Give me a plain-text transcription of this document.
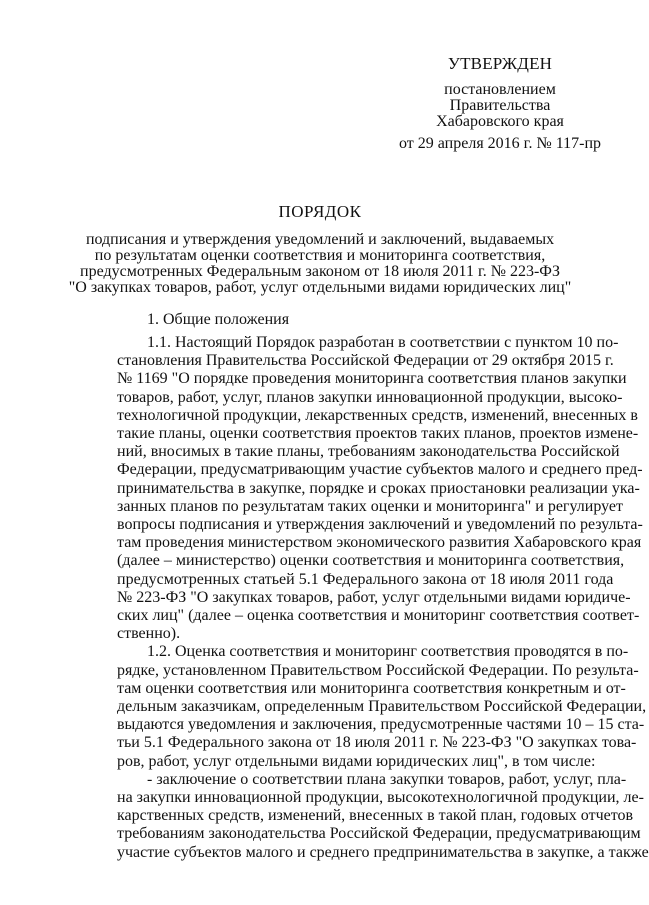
УТВЕРЖДЕН
постановлением
Правительства
Хабаровского края
от 29 апреля 2016 г. № 117-пр
ПОРЯДОК
подписания и утверждения уведомлений и заключений, выдаваемых
по результатам оценки соответствия и мониторинга соответствия,
предусмотренных Федеральным законом от 18 июля 2011 г. № 223-ФЗ
"О закупках товаров, работ, услуг отдельными видами юридических лиц"
1. Общие положения
1.1. Настоящий Порядок разработан в соответствии с пунктом 10 по-
становления Правительства Российской Федерации от 29 октября 2015 г.
№ 1169 "О порядке проведения мониторинга соответствия планов закупки
товаров, работ, услуг, планов закупки инновационной продукции, высоко-
технологичной продукции, лекарственных средств, изменений, внесенных в
такие планы, оценки соответствия проектов таких планов, проектов измене-
ний, вносимых в такие планы, требованиям законодательства Российской
Федерации, предусматривающим участие субъектов малого и среднего пред-
принимательства в закупке, порядке и сроках приостановки реализации ука-
занных планов по результатам таких оценки и мониторинга" и регулирует
вопросы подписания и утверждения заключений и уведомлений по результа-
там проведения министерством экономического развития Хабаровского края
(далее – министерство) оценки соответствия и мониторинга соответствия,
предусмотренных статьей 5.1 Федерального закона от 18 июля 2011 года
№ 223-ФЗ "О закупках товаров, работ, услуг отдельными видами юридиче-
ских лиц" (далее – оценка соответствия и мониторинг соответствия соответ-
ственно).
1.2. Оценка соответствия и мониторинг соответствия проводятся в по-
рядке, установленном Правительством Российской Федерации. По результа-
там оценки соответствия или мониторинга соответствия конкретным и от-
дельным заказчикам, определенным Правительством Российской Федерации,
выдаются уведомления и заключения, предусмотренные частями 10 – 15 ста-
тьи 5.1 Федерального закона от 18 июля 2011 г. № 223-ФЗ "О закупках това-
ров, работ, услуг отдельными видами юридических лиц", в том числе:
- заключение о соответствии плана закупки товаров, работ, услуг, пла-
на закупки инновационной продукции, высокотехнологичной продукции, ле-
карственных средств, изменений, внесенных в такой план, годовых отчетов
требованиям законодательства Российской Федерации, предусматривающим
участие субъектов малого и среднего предпринимательства в закупке, а также
